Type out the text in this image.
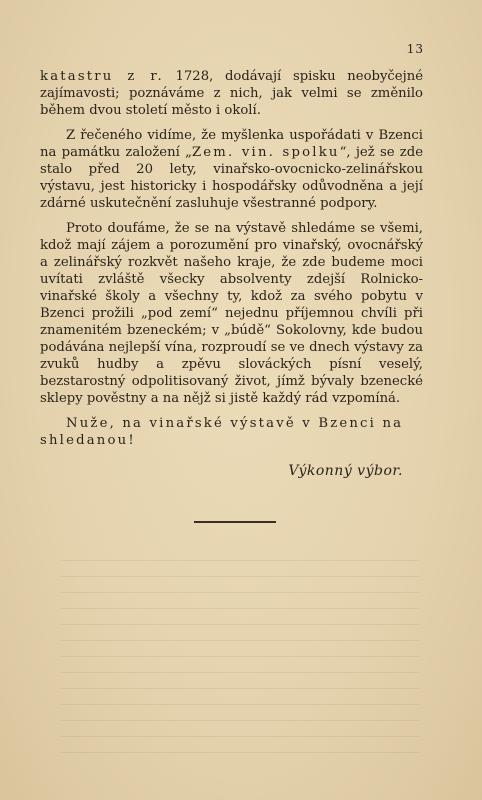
13

katastru z r. 1728, dodávají spisku neobyčejné zajímavosti; poznáváme z nich, jak velmi se změnilo během dvou století město i okolí.

Z řečeného vidíme, že myšlenka uspořádati v Bzenci na památku založení „Zem. vin. spolku“, jež se zde stalo před 20 lety, vinařsko-ovocnicko-zelinářskou výstavu, jest historicky i hospodářsky odůvodněna a její zdárné uskutečnění zasluhuje všestranné podpory.

Proto doufáme, že se na výstavě shledáme se všemi, kdož mají zájem a porozumění pro vinařský, ovocnářský a zelinářský rozkvět našeho kraje, že zde budeme moci uvítati zvláště všecky absolventy zdejší Rolnicko-vinařské školy a všechny ty, kdož za svého pobytu v Bzenci prožili „pod zemí“ nejednu příjemnou chvíli při znamenitém bzeneckém; v „búdě“ Sokolovny, kde budou podávána nejlepší vína, rozproudí se ve dnech výstavy za zvuků hudby a zpěvu slováckých písní veselý, bezstarostný odpolitisovaný život, jímž bývaly bzenecké sklepy pověstny a na nějž si jistě každý rád vzpomíná.

Nuže, na vinařské výstavě v Bzenci na shledanou!

Výkonný výbor.
